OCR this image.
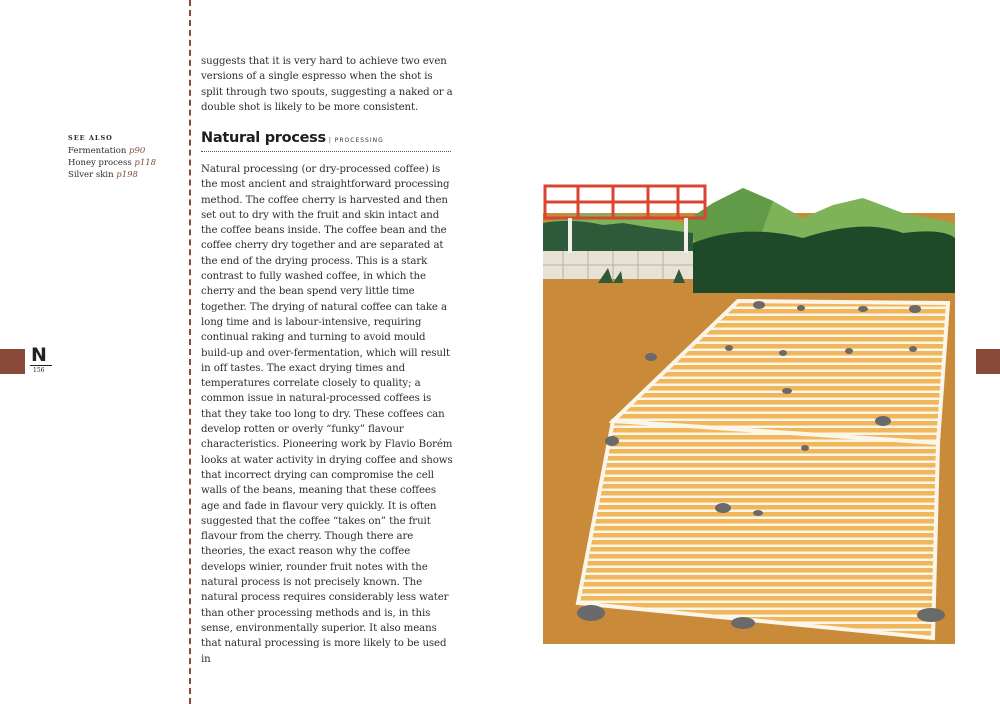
SEE ALSO
Fermentation p90
Honey process p118
Silver skin p198
N
156

suggests that it is very hard to achieve two even versions of a single espresso when the shot is split through two spouts, suggesting a naked or a double shot is likely to be more consistent.

Natural process | PROCESSING

Natural processing (or dry-processed coffee) is the most ancient and straightforward processing method. The coffee cherry is harvested and then set out to dry with the fruit and skin intact and the coffee beans inside. The coffee bean and the coffee cherry dry together and are separated at the end of the drying process. This is a stark contrast to fully washed coffee, in which the cherry and the bean spend very little time together. The drying of natural coffee can take a long time and is labour-intensive, requiring continual raking and turning to avoid mould build-up and over-fermentation, which will result in off tastes. The exact drying times and temperatures correlate closely to quality; a common issue in natural-processed coffees is that they take too long to dry. These coffees can develop rotten or overly “funky” flavour characteristics. Pioneering work by Flavio Borém looks at water activity in drying coffee and shows that incorrect drying can compromise the cell walls of the beans, meaning that these coffees age and fade in flavour very quickly. It is often suggested that the coffee “takes on” the fruit flavour from the cherry. Though there are theories, the exact reason why the coffee develops winier, rounder fruit notes with the natural process is not precisely known. The natural process requires considerably less water than other processing methods and is, in this sense, environmentally superior. It also means that natural processing is more likely to be used in
